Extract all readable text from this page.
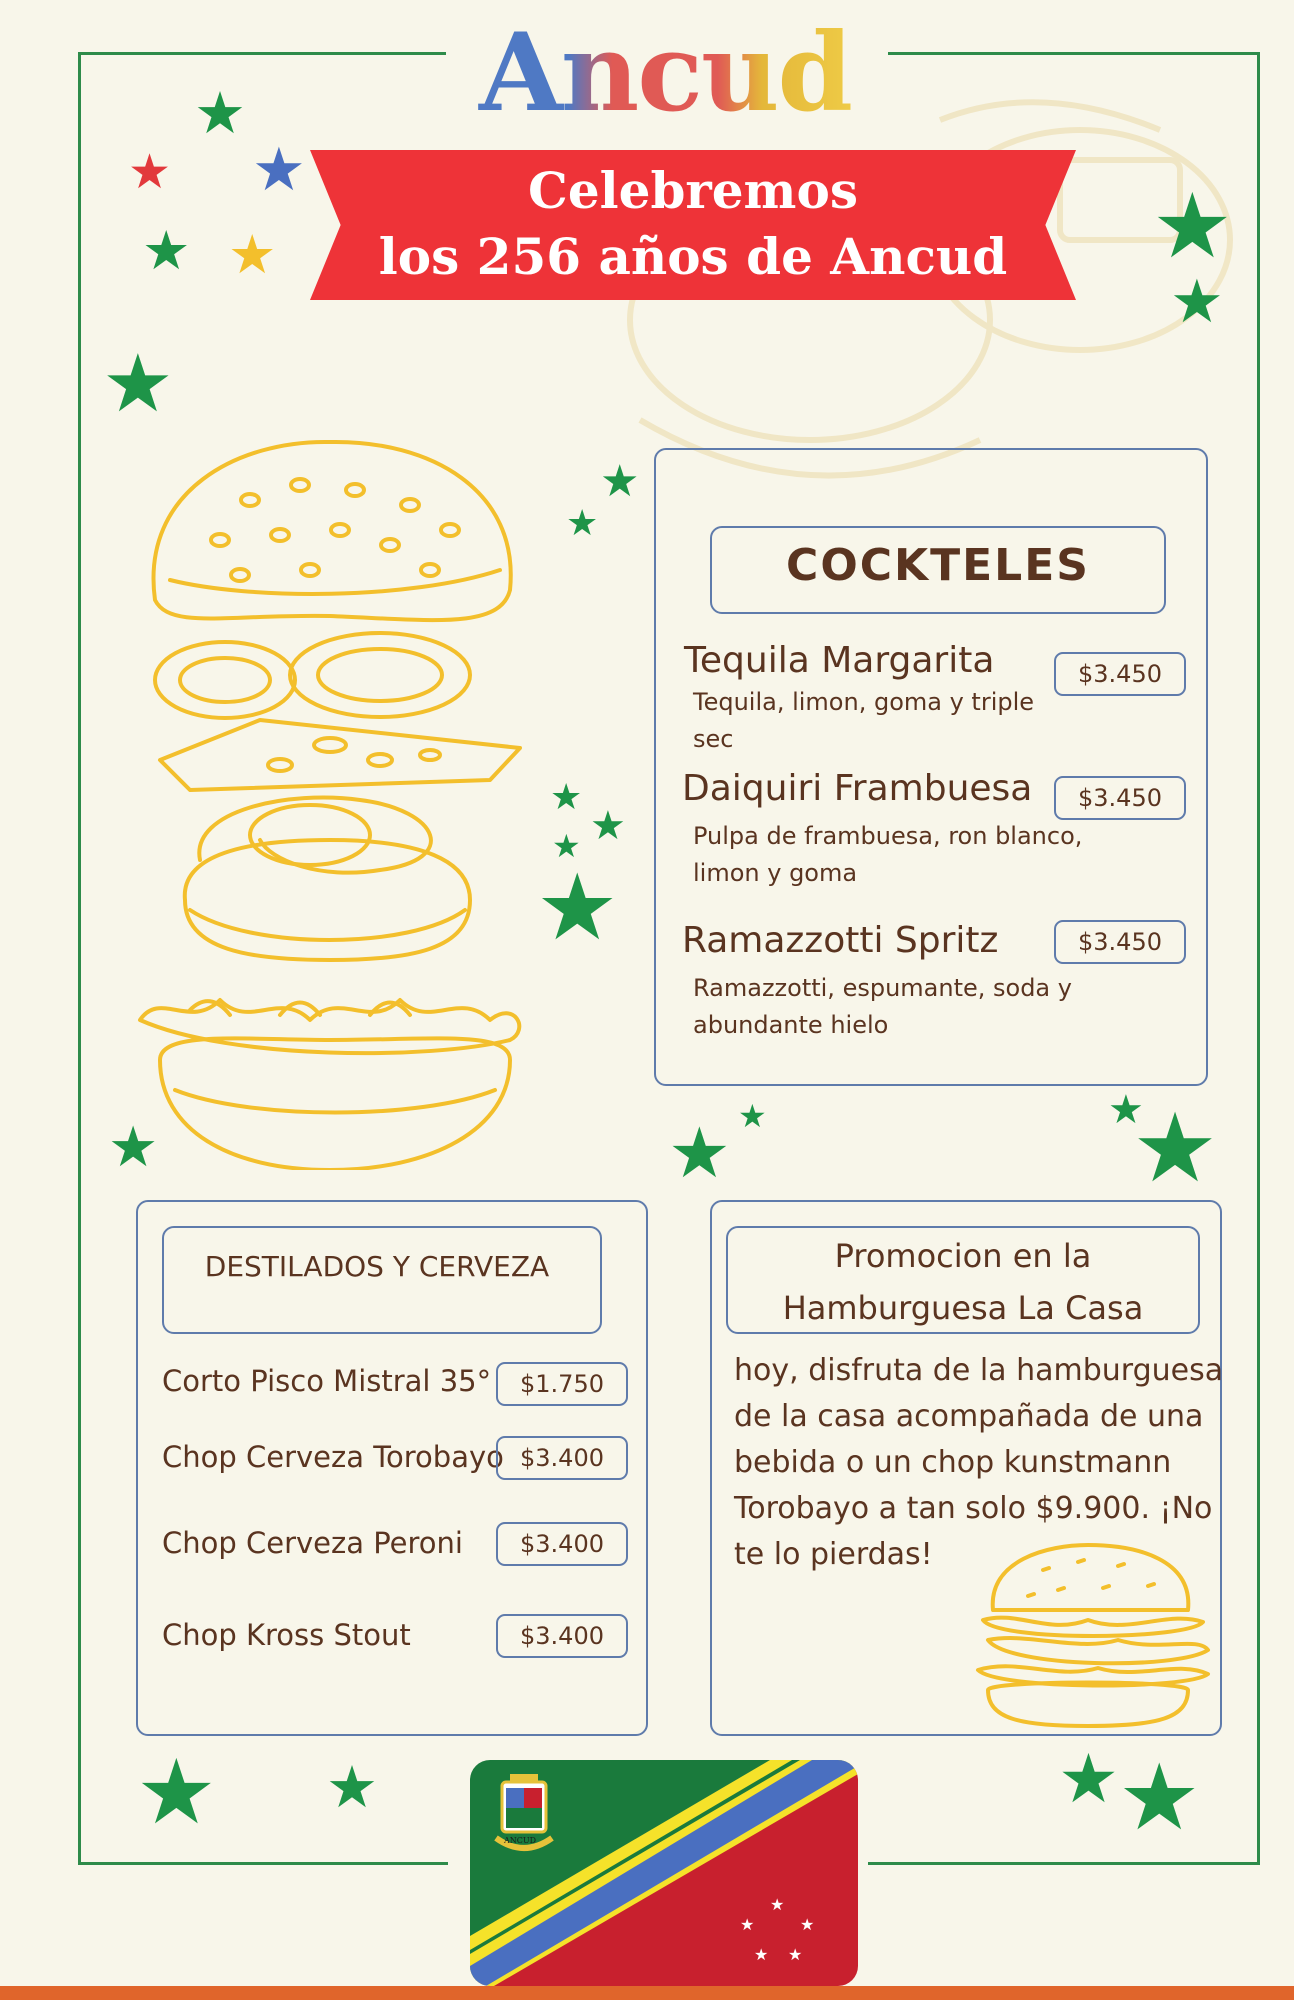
Ancud
Celebremos
los 256 años de Ancud
★
★ ★
★ ★	★
★
★
★
★
★
★
★
★
★	★ ★	★
★
★ ★	★ ★
COCKTELES
Tequila Margarita	$3.450
Tequila, limon, goma y triple
sec
Daiquiri Frambuesa	$3.450
Pulpa de frambuesa, ron blanco,
limon y goma
Ramazzotti Spritz	$3.450
Ramazzotti, espumante, soda y
abundante hielo
DESTILADOS Y CERVEZA
Corto Pisco Mistral 35°	$1.750
Chop Cerveza Torobayo $3.400
Chop Cerveza Peroni	$3.400
Chop Kross Stout	$3.400
Promocion en la
Hamburguesa La Casa
hoy, disfruta de la hamburguesa
de la casa acompañada de una
bebida o un chop kunstmann
Torobayo a tan solo $9.900. ¡No
te lo pierdas!
★
★
★
★ ★
ANCUD
